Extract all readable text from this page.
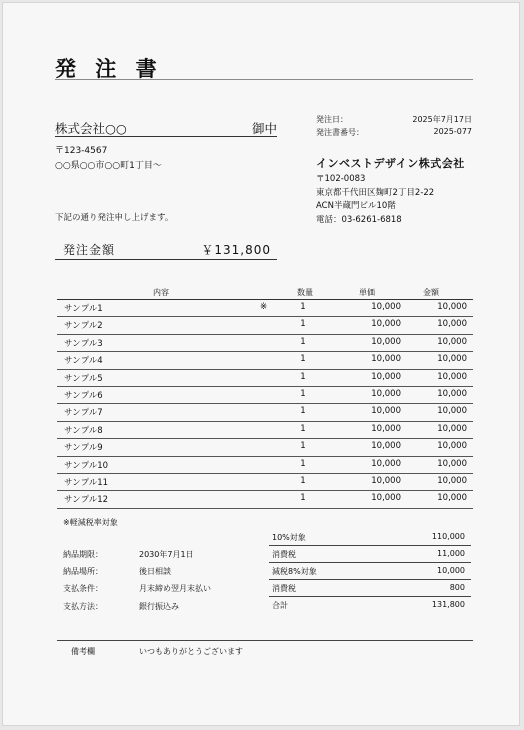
発 注 書
株式会社○○	御中
〒123-4567
○○県○○市○○町1丁目〜
下記の通り発注申し上げます。
発注金額	￥131,800
発注日：	2025年7月17日
発注書番号：	2025-077
インベストデザイン株式会社
〒102-0083
東京都千代田区麹町2丁目2-22
ACN半蔵門ビル10階
電話：03-6261-6818
内容	数量	単価	金額
サンプル1	※	1	10,000	10,000
サンプル2	1	10,000	10,000
サンプル3	1	10,000	10,000
サンプル4	1	10,000	10,000
サンプル5	1	10,000	10,000
サンプル6	1	10,000	10,000
サンプル7	1	10,000	10,000
サンプル8	1	10,000	10,000
サンプル9	1	10,000	10,000
サンプル10	1	10,000	10,000
サンプル11	1	10,000	10,000
サンプル12	1	10,000	10,000
※軽減税率対象
10%対象	110,000
消費税	11,000
減税8%対象	10,000
消費税	800
合計	131,800
納品期限：	2030年7月1日
納品場所：	後日相談
支払条件：	月末締め翌月末払い
支払方法：	銀行振込み
備考欄	いつもありがとうございます
